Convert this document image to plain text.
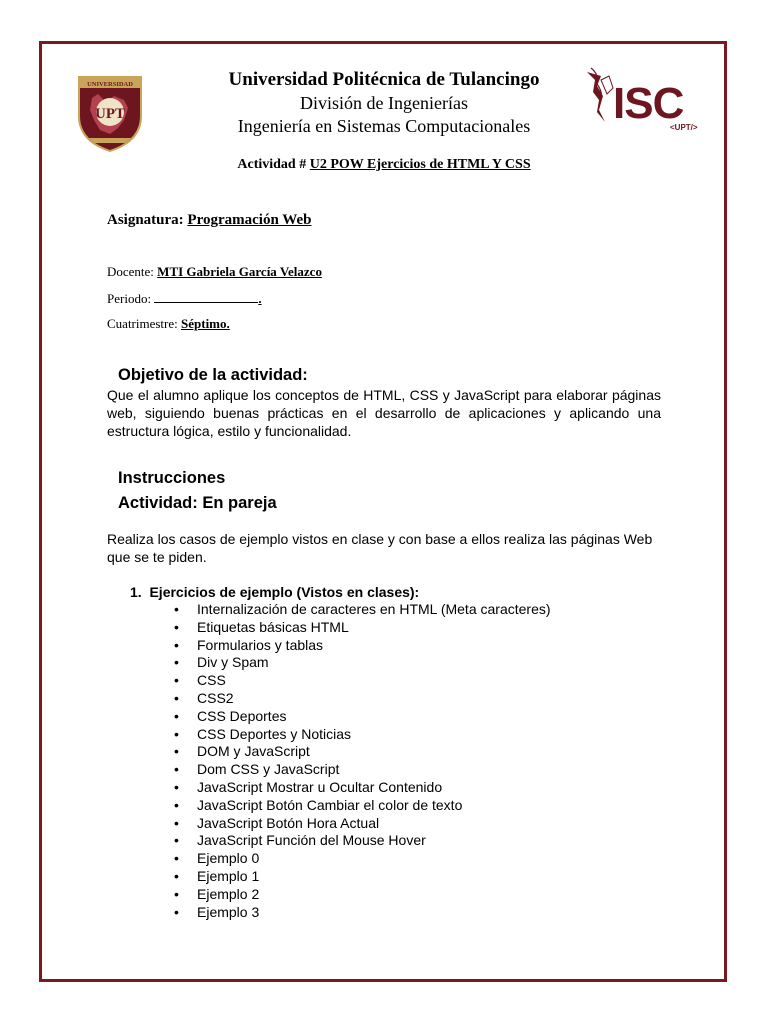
UNIVERSIDAD
UPT
Universidad Politécnica de Tulancingo
División de Ingenierías
Ingeniería en Sistemas Computacionales	ISC
<UPT/>
Actividad # U2 POW Ejercicios de HTML Y CSS
Asignatura: Programación Web
Docente: MTI Gabriela García Velazco
Periodo:	.
Cuatrimestre: Séptimo.
Objetivo de la actividad:
Que el alumno aplique los conceptos de HTML, CSS y JavaScript para elaborar páginas web, siguiendo buenas prácticas en el desarrollo de aplicaciones y aplicando una estructura lógica, estilo y funcionalidad.
Instrucciones
Actividad: En pareja
Realiza los casos de ejemplo vistos en clase y con base a ellos realiza las páginas Web que se te piden.
1. Ejercicios de ejemplo (Vistos en clases):
• Internalización de caracteres en HTML (Meta caracteres)
• Etiquetas básicas HTML
• Formularios y tablas
• Div y Spam
• CSS
• CSS2
• CSS Deportes
• CSS Deportes y Noticias
• DOM y JavaScript
• Dom CSS y JavaScript
• JavaScript Mostrar u Ocultar Contenido
• JavaScript Botón Cambiar el color de texto
• JavaScript Botón Hora Actual
• JavaScript Función del Mouse Hover
• Ejemplo 0
• Ejemplo 1
• Ejemplo 2
• Ejemplo 3
